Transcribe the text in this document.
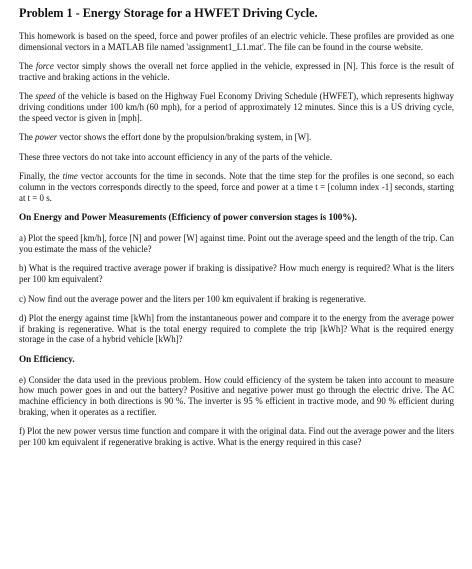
Problem 1 - Energy Storage for a HWFET Driving Cycle.

This homework is based on the speed, force and power profiles of an electric vehicle. These profiles are provided as one dimensional vectors in a MATLAB file named 'assignment1_L1.mat'. The file can be found in the course website.

The force vector simply shows the overall net force applied in the vehicle, expressed in [N]. This force is the result of tractive and braking actions in the vehicle.

The speed of the vehicle is based on the Highway Fuel Economy Driving Schedule (HWFET), which represents highway driving conditions under 100 km/h (60 mph), for a period of approximately 12 minutes. Since this is a US driving cycle, the speed vector is given in [mph].

The power vector shows the effort done by the propulsion/braking system, in [W].

These three vectors do not take into account efficiency in any of the parts of the vehicle.

Finally, the time vector accounts for the time in seconds. Note that the time step for the profiles is one second, so each column in the vectors corresponds directly to the speed, force and power at a time t = [column index -1] seconds, starting at t = 0 s.

On Energy and Power Measurements (Efficiency of power conversion stages is 100%).

a) Plot the speed [km/h], force [N] and power [W] against time. Point out the average speed and the length of the trip. Can you estimate the mass of the vehicle?

b) What is the required tractive average power if braking is dissipative? How much energy is required? What is the liters per 100 km equivalent?

c) Now find out the average power and the liters per 100 km equivalent if braking is regenerative.

d) Plot the energy against time [kWh] from the instantaneous power and compare it to the energy from the average power if braking is regenerative. What is the total energy required to complete the trip [kWh]? What is the required energy storage in the case of a hybrid vehicle [kWh]?

On Efficiency.

e) Consider the data used in the previous problem. How could efficiency of the system be taken into account to measure how much power goes in and out the battery? Positive and negative power must go through the electric drive. The AC machine efficiency in both directions is 90 %. The inverter is 95 % efficient in tractive mode, and 90 % efficient during braking, when it operates as a rectifier.

f) Plot the new power versus time function and compare it with the original data. Find out the average power and the liters per 100 km equivalent if regenerative braking is active. What is the energy required in this case?
